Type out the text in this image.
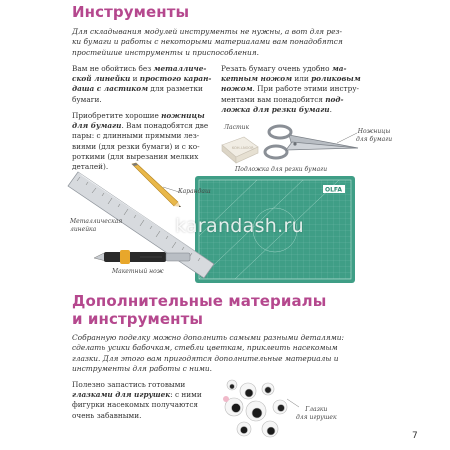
Инструменты
Для складывания модулей инструменты не нужны, а вот для рез-
ки бумаги и работы с некоторыми материалами вам понадобятся
простейшие инструменты и приспособления.
Вам не обойтись без металличе-
ской линейки и простого каран-
даша с ластиком для разметки
бумаги.
Приобретите хорошие ножницы
для бумаги. Вам понадобятся две
пары: с длинными прямыми лез-
виями (для резки бумаги) и с ко-
роткими (для вырезания мелких
деталей).
Резать бумагу очень удобно ма-
кетным ножом или роликовым
ножом. При работе этими инстру-
ментами вам понадобится под-
ложка для резки бумаги.
Ластик
KOH-I-NOOR
Ножницы
для бумаги
Подложка для резки бумаги
OLFA
Карандаш
Металлическая
линейка
Макетный нож
karandash.ru
Дополнительные материалы
и инструменты
Собранную поделку можно дополнить самыми разными деталями:
сделать усики бабочкам, стебли цветкам, приклеить насекомым
глазки. Для этого вам пригодятся дополнительные материалы и
инструменты для работы с ними.
Полезно запастись готовыми
глазками для игрушек: с ними
фигурки насекомых получаются
очень забавными.
Глазки
для игрушек
7
